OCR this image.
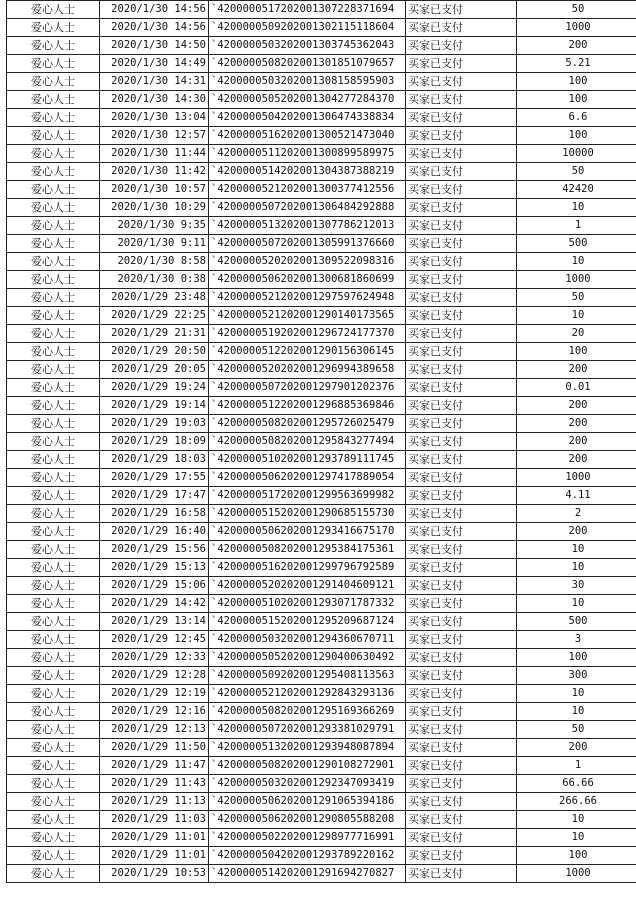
爱心人士	2020/1/30 14:56	`4200000517202001307228371694	买家已支付	50
爱心人士	2020/1/30 14:56	`4200000509202001302115118604	买家已支付	1000
爱心人士	2020/1/30 14:50	`4200000503202001303745362043	买家已支付	200
爱心人士	2020/1/30 14:49	`4200000508202001301851079657	买家已支付	5.21
爱心人士	2020/1/30 14:31	`4200000503202001308158595903	买家已支付	100
爱心人士	2020/1/30 14:30	`4200000505202001304277284370	买家已支付	100
爱心人士	2020/1/30 13:04	`4200000504202001306474338834	买家已支付	6.6
爱心人士	2020/1/30 12:57	`4200000516202001300521473040	买家已支付	100
爱心人士	2020/1/30 11:44	`4200000511202001300899589975	买家已支付	10000
爱心人士	2020/1/30 11:42	`4200000514202001304387388219	买家已支付	50
爱心人士	2020/1/30 10:57	`4200000521202001300377412556	买家已支付	42420
爱心人士	2020/1/30 10:29	`4200000507202001306484292888	买家已支付	10
爱心人士	2020/1/30 9:35	`4200000513202001307786212013	买家已支付	1
爱心人士	2020/1/30 9:11	`4200000507202001305991376660	买家已支付	500
爱心人士	2020/1/30 8:58	`4200000520202001309522098316	买家已支付	10
爱心人士	2020/1/30 0:38	`4200000506202001300681860699	买家已支付	1000
爱心人士	2020/1/29 23:48	`4200000521202001297597624948	买家已支付	50
爱心人士	2020/1/29 22:25	`4200000521202001290140173565	买家已支付	10
爱心人士	2020/1/29 21:31	`4200000519202001296724177370	买家已支付	20
爱心人士	2020/1/29 20:50	`4200000512202001290156306145	买家已支付	100
爱心人士	2020/1/29 20:05	`4200000520202001296994389658	买家已支付	200
爱心人士	2020/1/29 19:24	`4200000507202001297901202376	买家已支付	0.01
爱心人士	2020/1/29 19:14	`4200000512202001296885369846	买家已支付	200
爱心人士	2020/1/29 19:03	`4200000508202001295726025479	买家已支付	200
爱心人士	2020/1/29 18:09	`4200000508202001295843277494	买家已支付	200
爱心人士	2020/1/29 18:03	`4200000510202001293789111745	买家已支付	200
爱心人士	2020/1/29 17:55	`4200000506202001297417889054	买家已支付	1000
爱心人士	2020/1/29 17:47	`4200000517202001299563699982	买家已支付	4.11
爱心人士	2020/1/29 16:58	`4200000515202001290685155730	买家已支付	2
爱心人士	2020/1/29 16:40	`4200000506202001293416675170	买家已支付	200
爱心人士	2020/1/29 15:56	`4200000508202001295384175361	买家已支付	10
爱心人士	2020/1/29 15:13	`4200000516202001299796792589	买家已支付	10
爱心人士	2020/1/29 15:06	`4200000520202001291404609121	买家已支付	30
爱心人士	2020/1/29 14:42	`4200000510202001293071787332	买家已支付	10
爱心人士	2020/1/29 13:14	`4200000515202001295209687124	买家已支付	500
爱心人士	2020/1/29 12:45	`4200000503202001294360670711	买家已支付	3
爱心人士	2020/1/29 12:33	`4200000505202001290400630492	买家已支付	100
爱心人士	2020/1/29 12:28	`4200000509202001295408113563	买家已支付	300
爱心人士	2020/1/29 12:19	`4200000521202001292843293136	买家已支付	10
爱心人士	2020/1/29 12:16	`4200000508202001295169366269	买家已支付	10
爱心人士	2020/1/29 12:13	`4200000507202001293381029791	买家已支付	50
爱心人士	2020/1/29 11:50	`4200000513202001293948087894	买家已支付	200
爱心人士	2020/1/29 11:47	`4200000508202001290108272901	买家已支付	1
爱心人士	2020/1/29 11:43	`4200000503202001292347093419	买家已支付	66.66
爱心人士	2020/1/29 11:13	`4200000506202001291065394186	买家已支付	266.66
爱心人士	2020/1/29 11:03	`4200000506202001290805588208	买家已支付	10
爱心人士	2020/1/29 11:01	`4200000502202001298977716991	买家已支付	10
爱心人士	2020/1/29 11:01	`4200000504202001293789220162	买家已支付	100
爱心人士	2020/1/29 10:53	`4200000514202001291694270827	买家已支付	1000
